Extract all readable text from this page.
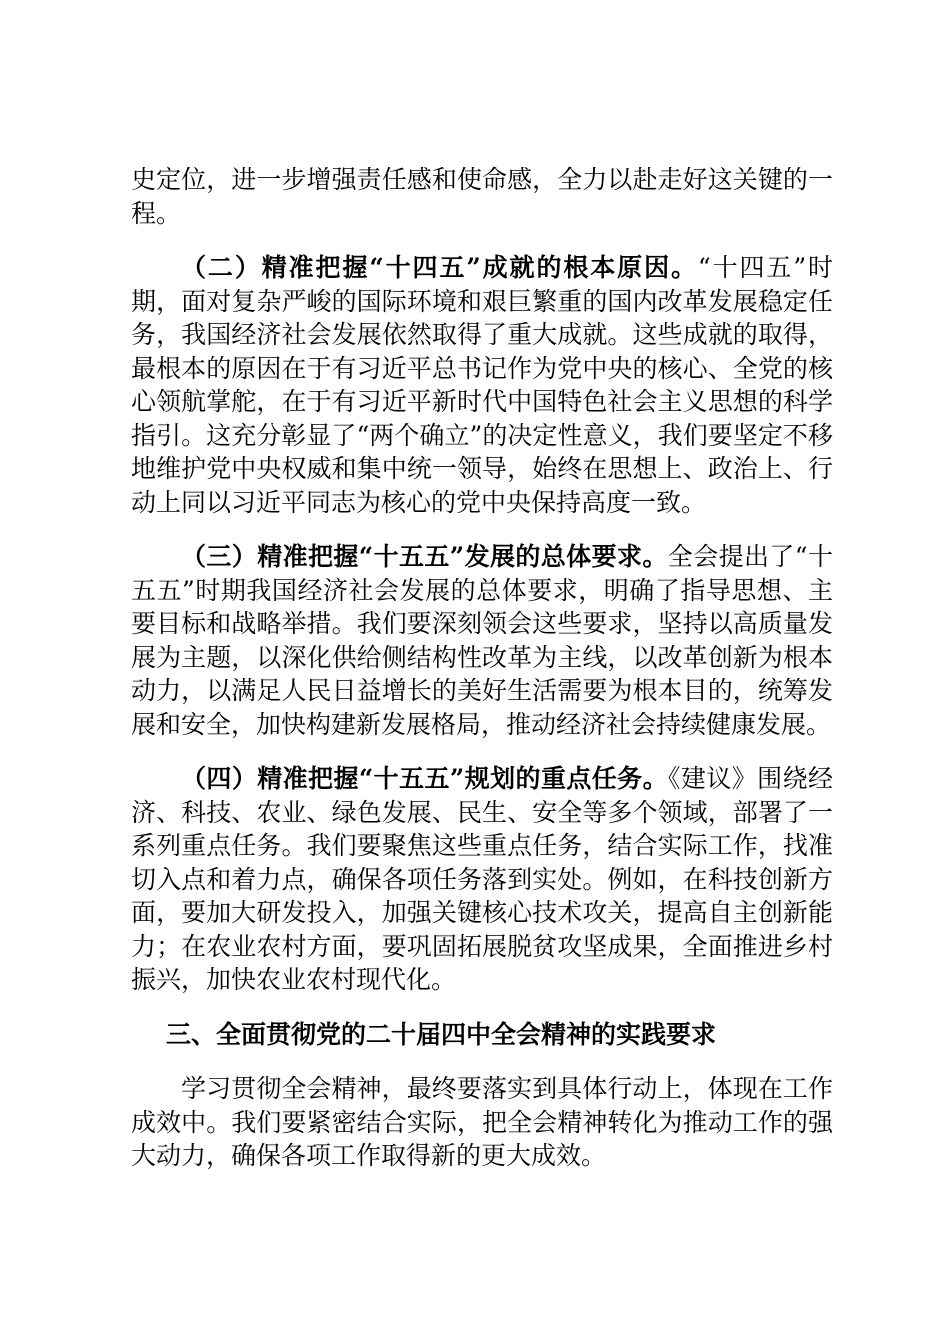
史定位，进一步增强责任感和使命感，全力以赴走好这关键的一程。

（二）精准把握“十四五”成就的根本原因。“十四五”时期，面对复杂严峻的国际环境和艰巨繁重的国内改革发展稳定任务，我国经济社会发展依然取得了重大成就。这些成就的取得，最根本的原因在于有习近平总书记作为党中央的核心、全党的核心领航掌舵，在于有习近平新时代中国特色社会主义思想的科学指引。这充分彰显了“两个确立”的决定性意义，我们要坚定不移地维护党中央权威和集中统一领导，始终在思想上、政治上、行动上同以习近平同志为核心的党中央保持高度一致。

（三）精准把握“十五五”发展的总体要求。全会提出了“十五五”时期我国经济社会发展的总体要求，明确了指导思想、主要目标和战略举措。我们要深刻领会这些要求，坚持以高质量发展为主题，以深化供给侧结构性改革为主线，以改革创新为根本动力，以满足人民日益增长的美好生活需要为根本目的，统筹发展和安全，加快构建新发展格局，推动经济社会持续健康发展。

（四）精准把握“十五五”规划的重点任务。《建议》围绕经济、科技、农业、绿色发展、民生、安全等多个领域，部署了一系列重点任务。我们要聚焦这些重点任务，结合实际工作，找准切入点和着力点，确保各项任务落到实处。例如，在科技创新方面，要加大研发投入，加强关键核心技术攻关，提高自主创新能力；在农业农村方面，要巩固拓展脱贫攻坚成果，全面推进乡村振兴，加快农业农村现代化。

三、全面贯彻党的二十届四中全会精神的实践要求

学习贯彻全会精神，最终要落实到具体行动上，体现在工作成效中。我们要紧密结合实际，把全会精神转化为推动工作的强大动力，确保各项工作取得新的更大成效。
